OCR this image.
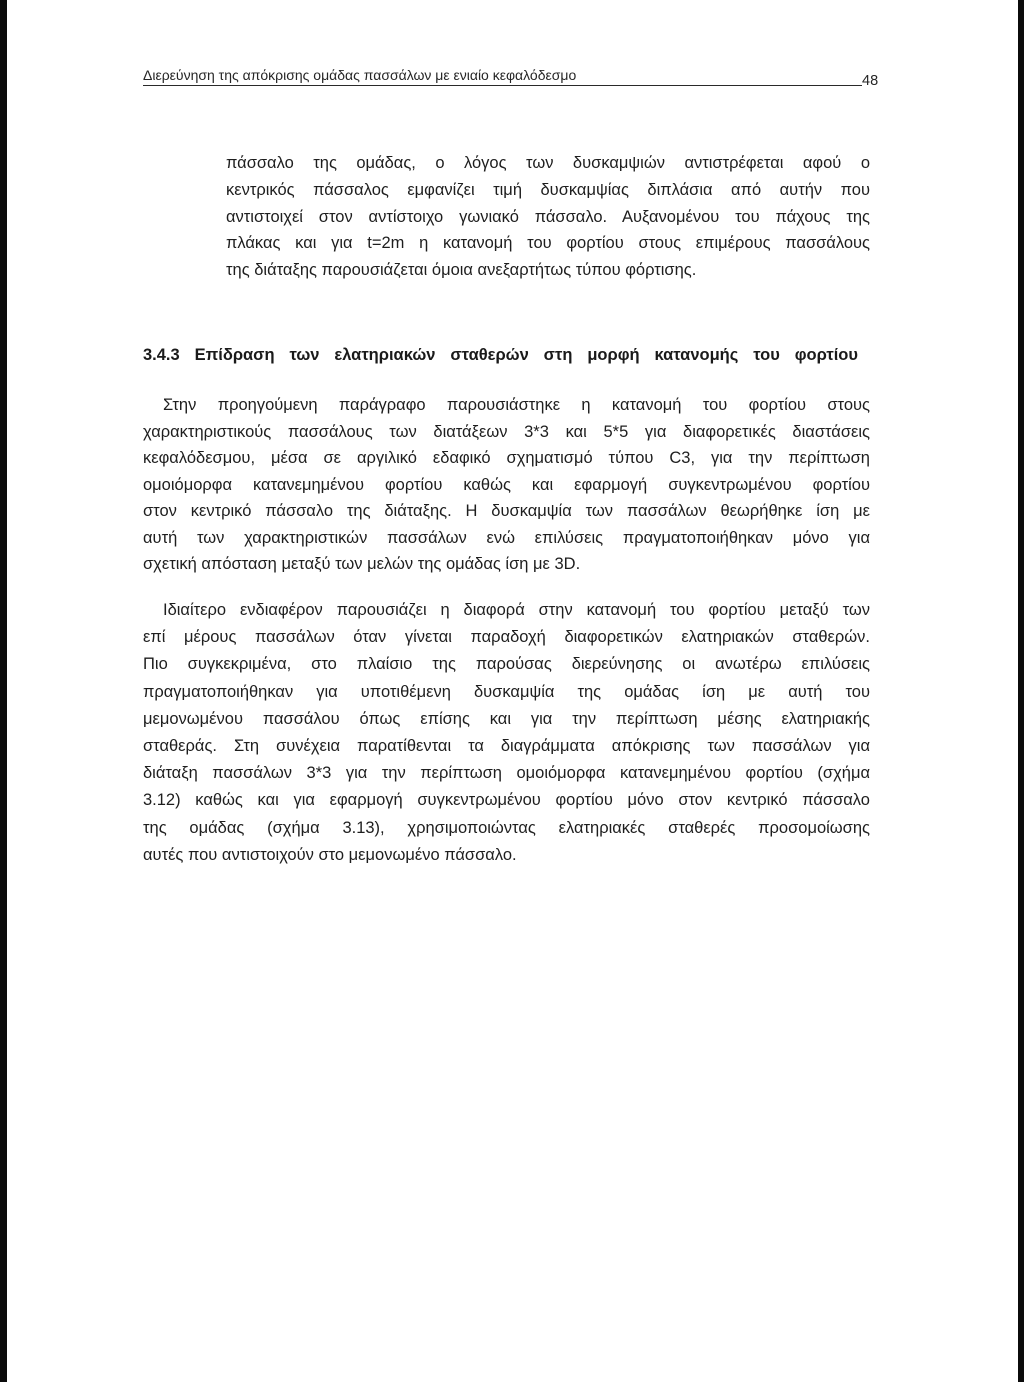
Διερεύνηση της απόκρισης ομάδας πασσάλων με ενιαίο κεφαλόδεσμο	48
πάσσαλο της ομάδας, ο λόγος των δυσκαμψιών αντιστρέφεται αφού ο
κεντρικός πάσσαλος εμφανίζει τιμή δυσκαμψίας διπλάσια από αυτήν που
αντιστοιχεί στον αντίστοιχο γωνιακό πάσσαλο. Αυξανομένου του πάχους της
πλάκας και για t=2m η κατανομή του φορτίου στους επιμέρους πασσάλους
της διάταξης παρουσιάζεται όμοια ανεξαρτήτως τύπου φόρτισης.
3.4.3 Επίδραση των ελατηριακών σταθερών στη μορφή κατανομής του φορτίου
Στην προηγούμενη παράγραφο παρουσιάστηκε η κατανομή του φορτίου στους
χαρακτηριστικούς πασσάλους των διατάξεων 3*3 και 5*5 για διαφορετικές διαστάσεις
κεφαλόδεσμου, μέσα σε αργιλικό εδαφικό σχηματισμό τύπου C3, για την περίπτωση
ομοιόμορφα κατανεμημένου φορτίου καθώς και εφαρμογή συγκεντρωμένου φορτίου
στον κεντρικό πάσσαλο της διάταξης. Η δυσκαμψία των πασσάλων θεωρήθηκε ίση με
αυτή των χαρακτηριστικών πασσάλων ενώ επιλύσεις πραγματοποιήθηκαν μόνο για
σχετική απόσταση μεταξύ των μελών της ομάδας ίση με 3D.
Ιδιαίτερο ενδιαφέρον παρουσιάζει η διαφορά στην κατανομή του φορτίου μεταξύ των
επί μέρους πασσάλων όταν γίνεται παραδοχή διαφορετικών ελατηριακών σταθερών.
Πιο συγκεκριμένα, στο πλαίσιο της παρούσας διερεύνησης οι ανωτέρω επιλύσεις
πραγματοποιήθηκαν για υποτιθέμενη δυσκαμψία της ομάδας ίση με αυτή του
μεμονωμένου πασσάλου όπως επίσης και για την περίπτωση μέσης ελατηριακής
σταθεράς. Στη συνέχεια παρατίθενται τα διαγράμματα απόκρισης των πασσάλων για
διάταξη πασσάλων 3*3 για την περίπτωση ομοιόμορφα κατανεμημένου φορτίου (σχήμα
3.12) καθώς και για εφαρμογή συγκεντρωμένου φορτίου μόνο στον κεντρικό πάσσαλο
της ομάδας (σχήμα 3.13), χρησιμοποιώντας ελατηριακές σταθερές προσομοίωσης
αυτές που αντιστοιχούν στο μεμονωμένο πάσσαλο.
